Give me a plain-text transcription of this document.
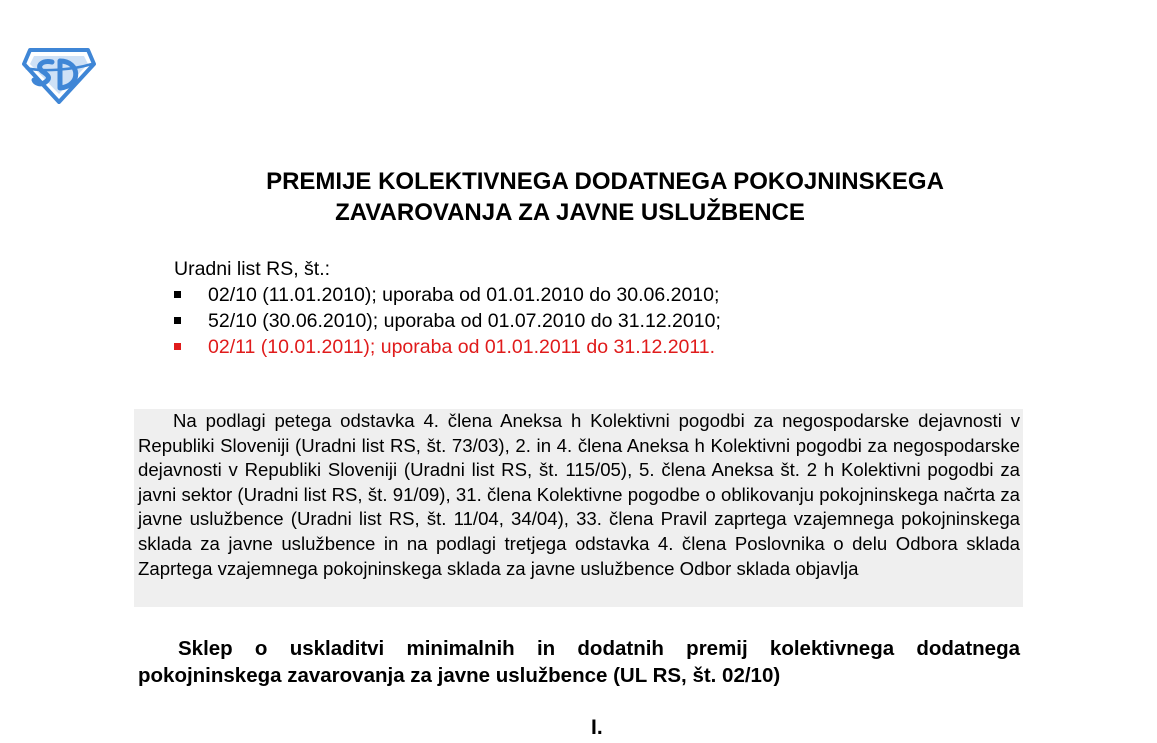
PREMIJE KOLEKTIVNEGA DODATNEGA POKOJNINSKEGA
ZAVAROVANJA ZA JAVNE USLUŽBENCE
Uradni list RS, št.:
02/10 (11.01.2010); uporaba od 01.01.2010 do 30.06.2010;
52/10 (30.06.2010); uporaba od 01.07.2010 do 31.12.2010;
02/11 (10.01.2011); uporaba od 01.01.2011 do 31.12.2011.

Na podlagi petega odstavka 4. člena Aneksa h Kolektivni pogodbi za negospodarske dejavnosti v Republiki Sloveniji (Uradni list RS, št. 73/03), 2. in 4. člena Aneksa h Kolektivni pogodbi za negospodarske dejavnosti v Republiki Sloveniji (Uradni list RS, št. 115/05), 5. člena Aneksa št. 2 h Kolektivni pogodbi za javni sektor (Uradni list RS, št. 91/09), 31. člena Kolektivne pogodbe o oblikovanju pokojninskega načrta za javne uslužbence (Uradni list RS, št. 11/04, 34/04), 33. člena Pravil zaprtega vzajemnega pokojninskega sklada za javne uslužbence in na podlagi tretjega odstavka 4. člena Poslovnika o delu Odbora sklada Zaprtega vzajemnega pokojninskega sklada za javne uslužbence Odbor sklada objavlja

Sklep o uskladitvi minimalnih in dodatnih premij kolektivnega dodatnega pokojninskega zavarovanja za javne uslužbence (UL RS, št. 02/10)

I.
